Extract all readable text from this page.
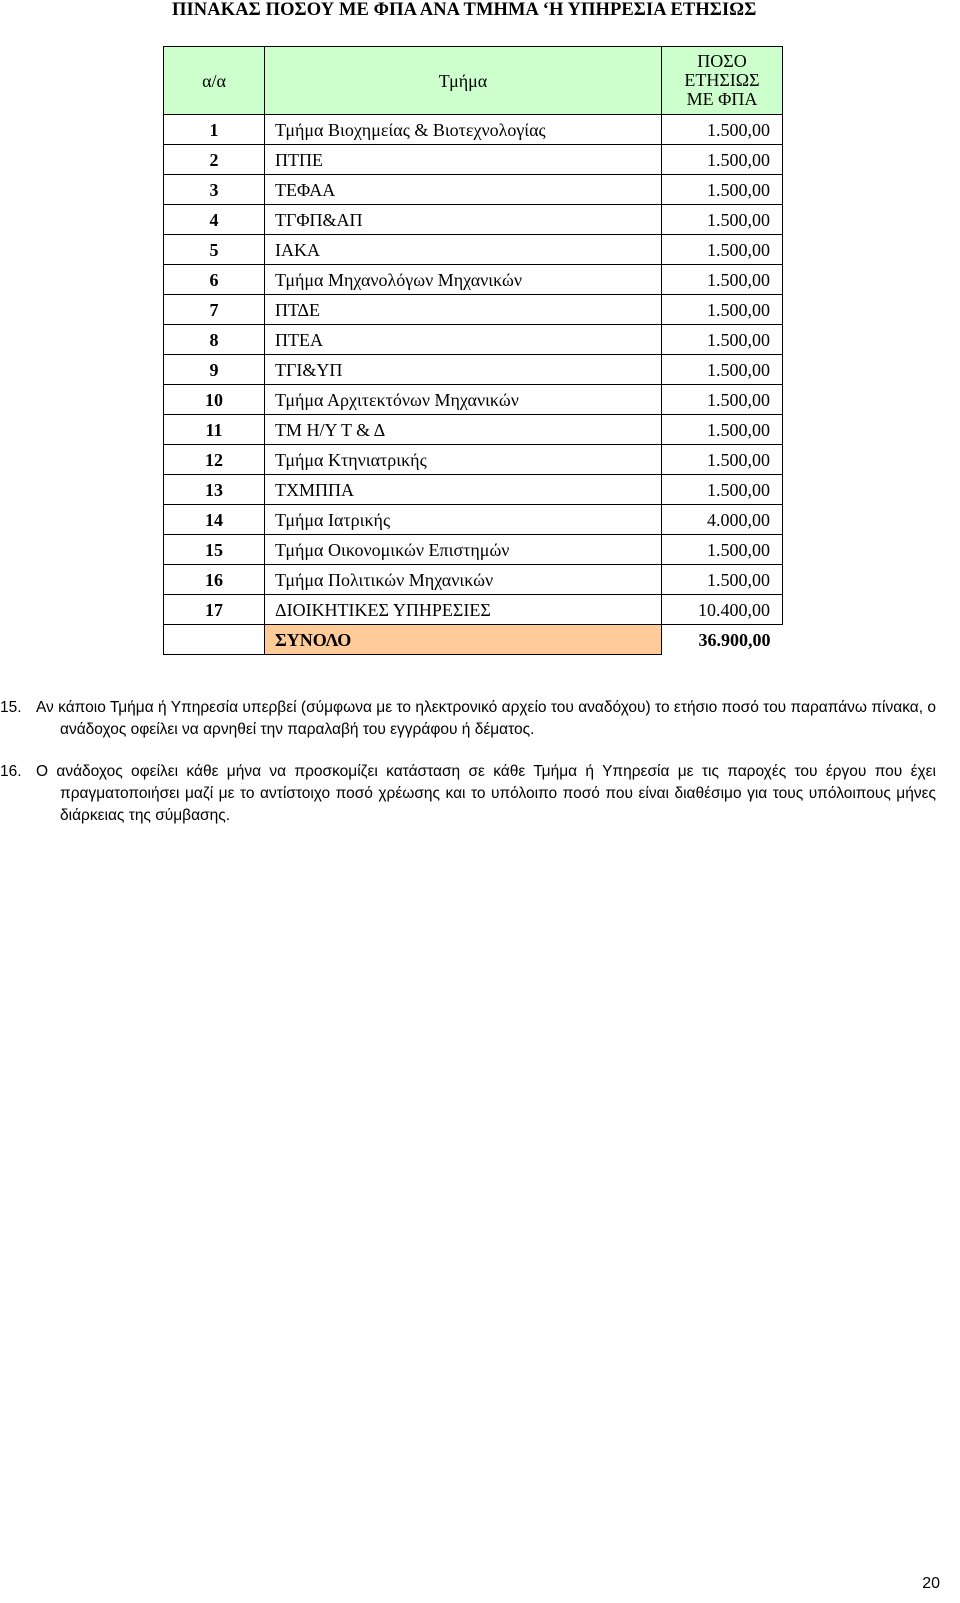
ΠΙΝΑΚΑΣ ΠΟΣΟΥ ΜΕ ΦΠΑ ΑΝΑ ΤΜΗΜΑ ‘Η ΥΠΗΡΕΣΙΑ ΕΤΗΣΙΩΣ
α/α	Τμήμα	ΠΟΣΟ
ΕΤΗΣΙΩΣ
ΜΕ ΦΠΑ

1	Τμήμα Βιοχημείας & Βιοτεχνολογίας	1.500,00
2	ΠΤΠΕ	1.500,00
3	ΤΕΦΑΑ	1.500,00
4	ΤΓΦΠ&ΑΠ	1.500,00
5	ΙΑΚΑ	1.500,00
6	Τμήμα Μηχανολόγων Μηχανικών	1.500,00
7	ΠΤΔΕ	1.500,00
8	ΠΤΕΑ	1.500,00
9	ΤΓΙ&ΥΠ	1.500,00
10	Τμήμα Αρχιτεκτόνων Μηχανικών	1.500,00
11	ΤΜ Η/Υ Τ & Δ	1.500,00
12	Τμήμα Κτηνιατρικής	1.500,00
13	ΤΧΜΠΠΑ	1.500,00
14	Τμήμα Ιατρικής	4.000,00
15	Τμήμα Οικονομικών Επιστημών	1.500,00
16	Τμήμα Πολιτικών Μηχανικών	1.500,00
17	ΔΙΟΙΚΗΤΙΚΕΣ ΥΠΗΡΕΣΙΕΣ	10.400,00
	ΣΥΝΟΛΟ	36.900,00
15. Αν κάποιο Τμήμα ή Υπηρεσία υπερβεί (σύμφωνα με το ηλεκτρονικό αρχείο του αναδόχου) το ετήσιο ποσό του παραπάνω πίνακα, ο ανάδοχος οφείλει να αρνηθεί την παραλαβή του εγγράφου ή δέματος.
16. Ο ανάδοχος οφείλει κάθε μήνα να προσκομίζει κατάσταση σε κάθε Τμήμα ή Υπηρεσία με τις παροχές του έργου που έχει πραγματοποιήσει μαζί με το αντίστοιχο ποσό χρέωσης και το υπόλοιπο ποσό που είναι διαθέσιμο για τους υπόλοιπους μήνες διάρκειας της σύμβασης.
20
